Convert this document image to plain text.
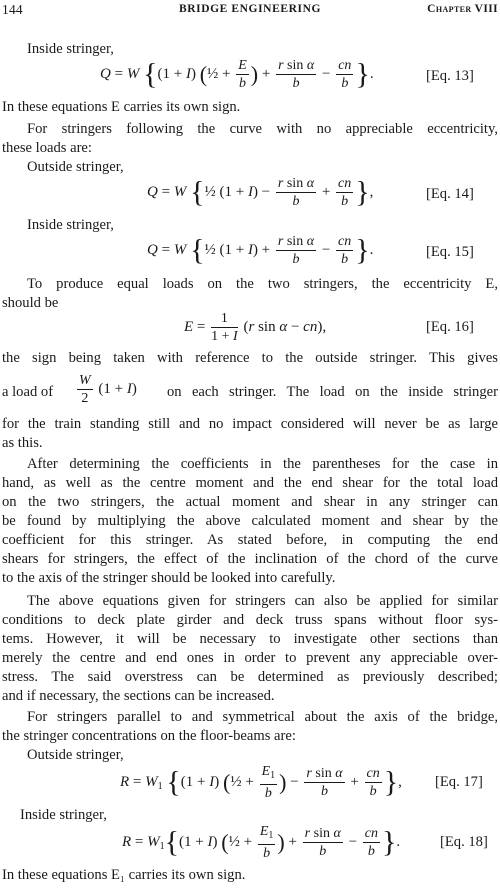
144	BRIDGE ENGINEERING	Chapter VIII
Inside stringer,
Q = W {(1 + I) (½ + $\frac{E}{b}$ ) + $\frac{\text{r sin α}}{b} - \frac{cn}{b}$ }.	[Eq. 13]
In these equations E carries its own sign.
For stringers following the curve with no appreciable eccentricity,
these loads are:
Outside stringer,
Q = W {½ $(1 + I) - \frac{\text{r sin α}}{b} + \frac{cn}{b}$ },	[Eq. 14]
Inside stringer,
Q = W {½ $(1 + I) + \frac{\text{r sin α}}{b} - \frac{cn}{b}$ }.	[Eq. 15]
To produce equal loads on the two stringers, the eccentricity E,
should be
$E = \frac{1}{1 + I} (r$ sin α − cn),	[Eq. 16]
the sign being taken with reference to the outside stringer. This gives
a load of $\frac{W}{2} (1 + I)$ on each stringer. The load on the inside stringer
for the train standing still and no impact considered will never be as large
as this.
After determining the coefficients in the parentheses for the case in
hand, as well as the centre moment and the end shear for the total load
on the two stringers, the actual moment and shear in any stringer can
be found by multiplying the above calculated moment and shear by the
coefficient for this stringer. As stated before, in computing the end
shears for stringers, the effect of the inclination of the chord of the curve
to the axis of the stringer should be looked into carefully.
The above equations given for stringers can also be applied for similar
conditions to deck plate girder and deck truss spans without floor sys-
tems. However, it will be necessary to investigate other sections than
merely the centre and end ones in order to prevent any appreciable over-
stress. The said overstress can be determined as previously described;
and if necessary, the sections can be increased.
For stringers parallel to and symmetrical about the axis of the bridge,
the stringer concentrations on the floor-beams are:
Outside stringer,
$R = W_1$ {(1 + I) (½ + $\frac{E_1}{b}$ ) − $\frac{\text{r sin α}}{b} + \frac{cn}{b}$ }, [Eq. 17]
Inside stringer,
$R = W_1\{(1 + I)$ (½ + $\frac{E_1}{b}$ ) + $\frac{\text{r sin α}}{b} - \frac{cn}{b}$ }.	[Eq. 18]
In these equations E₁ carries its own sign.
